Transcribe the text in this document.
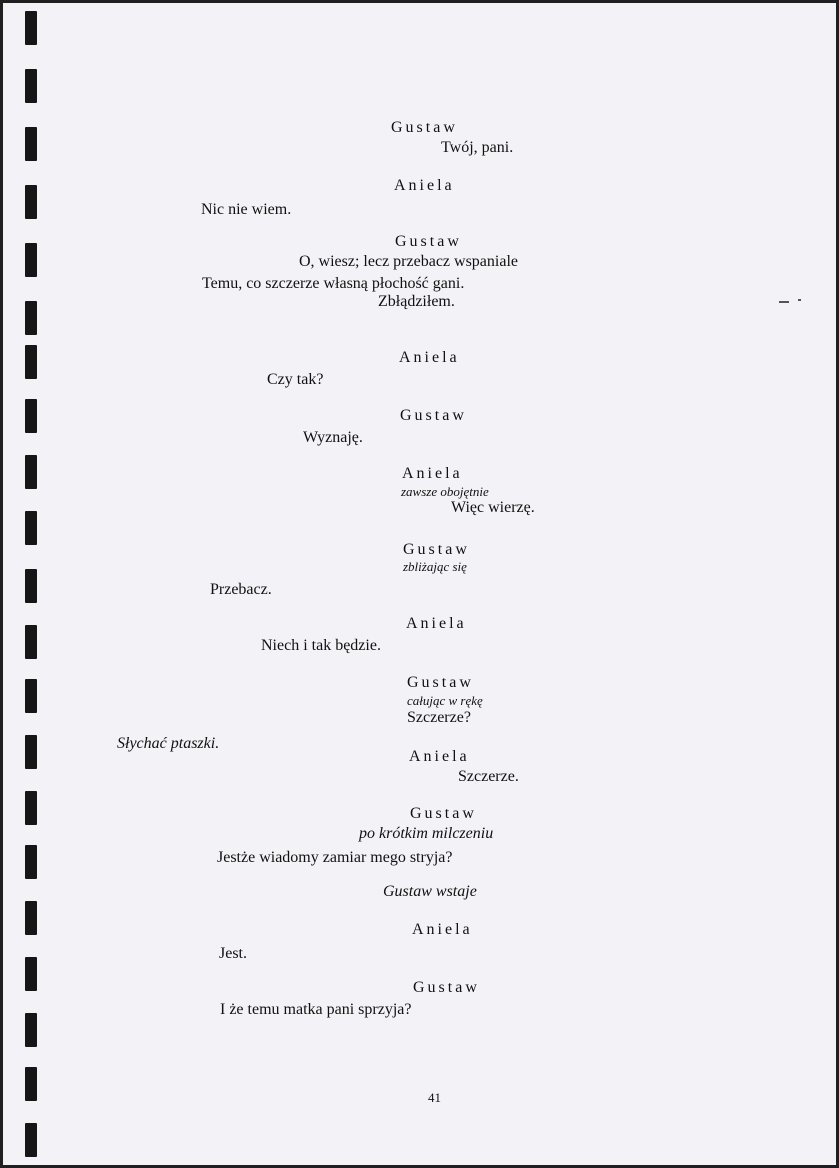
Gustaw
Twój, pani.
Aniela
Nic nie wiem.
Gustaw
O, wiesz; lecz przebacz wspaniale
Temu, co szczerze własną płochość gani.
Zbłądziłem.
Aniela
Czy tak?
Gustaw
Wyznaję.
Aniela
zawsze obojętnie
Więc wierzę.
Gustaw
zbliżając się
Przebacz.
Aniela
Niech i tak będzie.
Gustaw
całując w rękę
Szczerze?
Słychać ptaszki.
Aniela
Szczerze.
Gustaw
po krótkim milczeniu
Jestże wiadomy zamiar mego stryja?
Gustaw wstaje
Aniela
Jest.
Gustaw
I że temu matka pani sprzyja?
41
